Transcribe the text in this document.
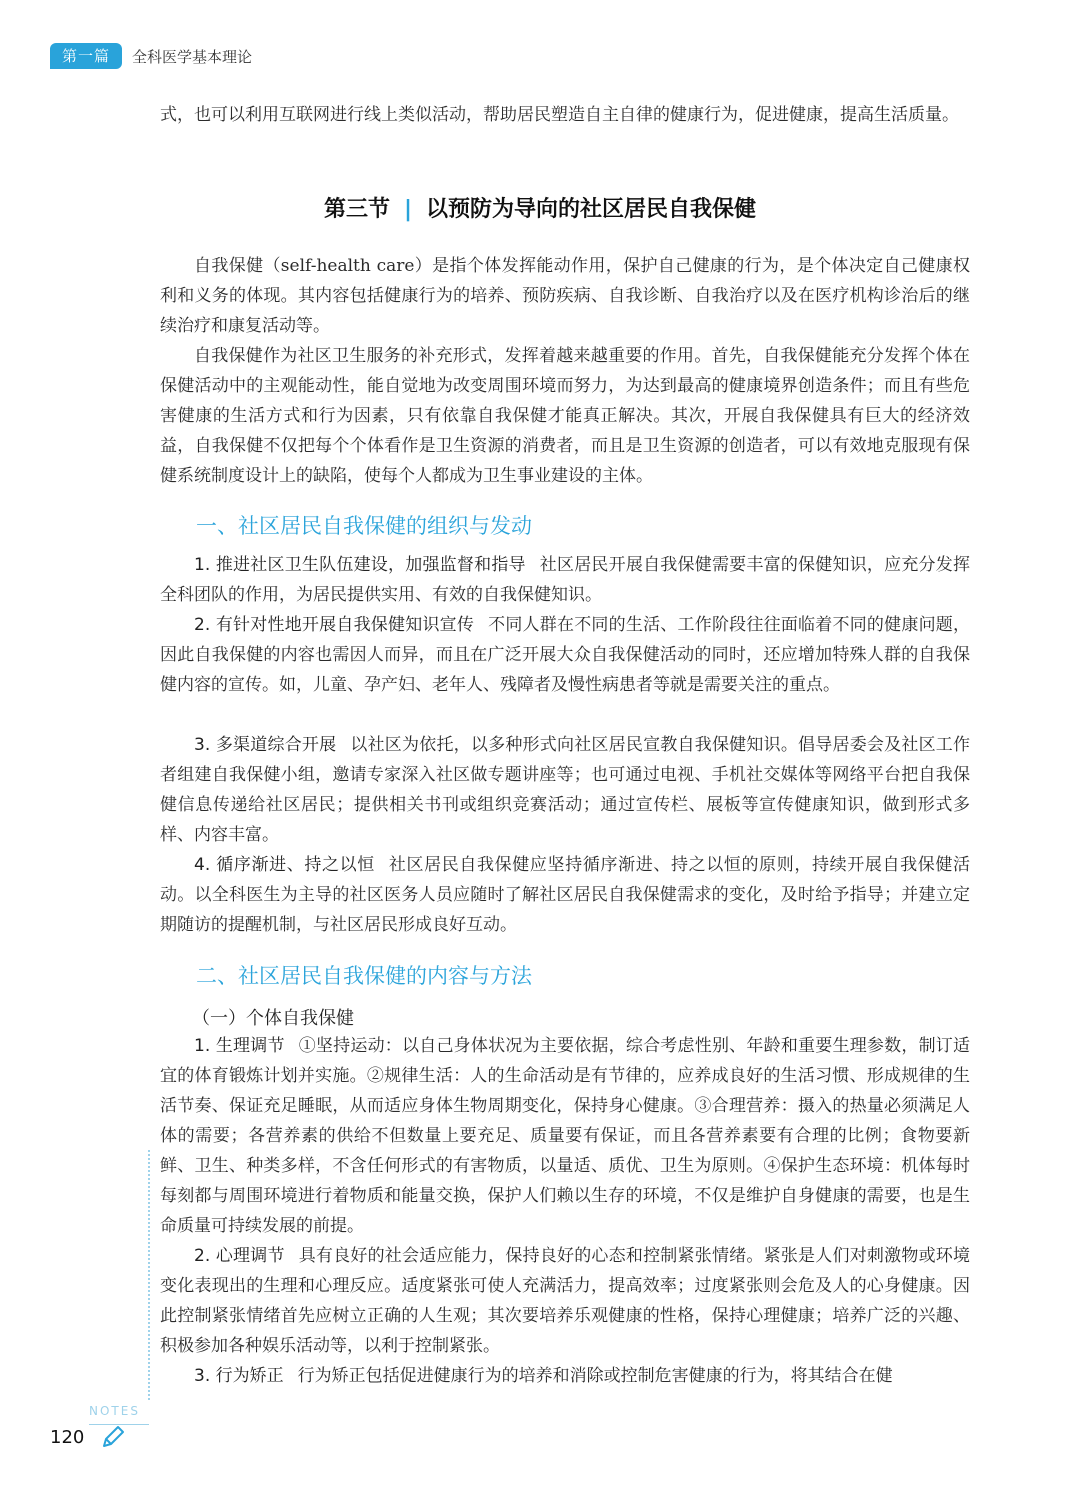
第一篇	全科医学基本理论

式，也可以利用互联网进行线上类似活动，帮助居民塑造自主自律的健康行为，促进健康，提高生活质量。

第三节 | 以预防为导向的社区居民自我保健

自我保健（self-health care）是指个体发挥能动作用，保护自己健康的行为，是个体决定自己健康权利和义务的体现。其内容包括健康行为的培养、预防疾病、自我诊断、自我治疗以及在医疗机构诊治后的继续治疗和康复活动等。

自我保健作为社区卫生服务的补充形式，发挥着越来越重要的作用。首先，自我保健能充分发挥个体在保健活动中的主观能动性，能自觉地为改变周围环境而努力，为达到最高的健康境界创造条件；而且有些危害健康的生活方式和行为因素，只有依靠自我保健才能真正解决。其次，开展自我保健具有巨大的经济效益，自我保健不仅把每个个体看作是卫生资源的消费者，而且是卫生资源的创造者，可以有效地克服现有保健系统制度设计上的缺陷，使每个人都成为卫生事业建设的主体。

一、社区居民自我保健的组织与发动

1. 推进社区卫生队伍建设，加强监督和指导 社区居民开展自我保健需要丰富的保健知识，应充分发挥全科团队的作用，为居民提供实用、有效的自我保健知识。

2. 有针对性地开展自我保健知识宣传 不同人群在不同的生活、工作阶段往往面临着不同的健康问题，因此自我保健的内容也需因人而异，而且在广泛开展大众自我保健活动的同时，还应增加特殊人群的自我保健内容的宣传。如，儿童、孕产妇、老年人、残障者及慢性病患者等就是需要关注的重点。

3. 多渠道综合开展 以社区为依托，以多种形式向社区居民宣教自我保健知识。倡导居委会及社区工作者组建自我保健小组，邀请专家深入社区做专题讲座等；也可通过电视、手机社交媒体等网络平台把自我保健信息传递给社区居民；提供相关书刊或组织竞赛活动；通过宣传栏、展板等宣传健康知识，做到形式多样、内容丰富。

4. 循序渐进、持之以恒 社区居民自我保健应坚持循序渐进、持之以恒的原则，持续开展自我保健活动。以全科医生为主导的社区医务人员应随时了解社区居民自我保健需求的变化，及时给予指导；并建立定期随访的提醒机制，与社区居民形成良好互动。

二、社区居民自我保健的内容与方法
（一）个体自我保健

1. 生理调节 ①坚持运动：以自己身体状况为主要依据，综合考虑性别、年龄和重要生理参数，制订适宜的体育锻炼计划并实施。②规律生活：人的生命活动是有节律的，应养成良好的生活习惯、形成规律的生活节奏、保证充足睡眠，从而适应身体生物周期变化，保持身心健康。③合理营养：摄入的热量必须满足人体的需要；各营养素的供给不但数量上要充足、质量要有保证，而且各营养素要有合理的比例；食物要新鲜、卫生、种类多样，不含任何形式的有害物质，以量适、质优、卫生为原则。④保护生态环境：机体每时每刻都与周围环境进行着物质和能量交换，保护人们赖以生存的环境，不仅是维护自身健康的需要，也是生命质量可持续发展的前提。

2. 心理调节 具有良好的社会适应能力，保持良好的心态和控制紧张情绪。紧张是人们对刺激物或环境变化表现出的生理和心理反应。适度紧张可使人充满活力，提高效率；过度紧张则会危及人的心身健康。因此控制紧张情绪首先应树立正确的人生观；其次要培养乐观健康的性格，保持心理健康；培养广泛的兴趣、积极参加各种娱乐活动等，以利于控制紧张。

3. 行为矫正 行为矫正包括促进健康行为的培养和消除或控制危害健康的行为，将其结合在健

NOTES
120
